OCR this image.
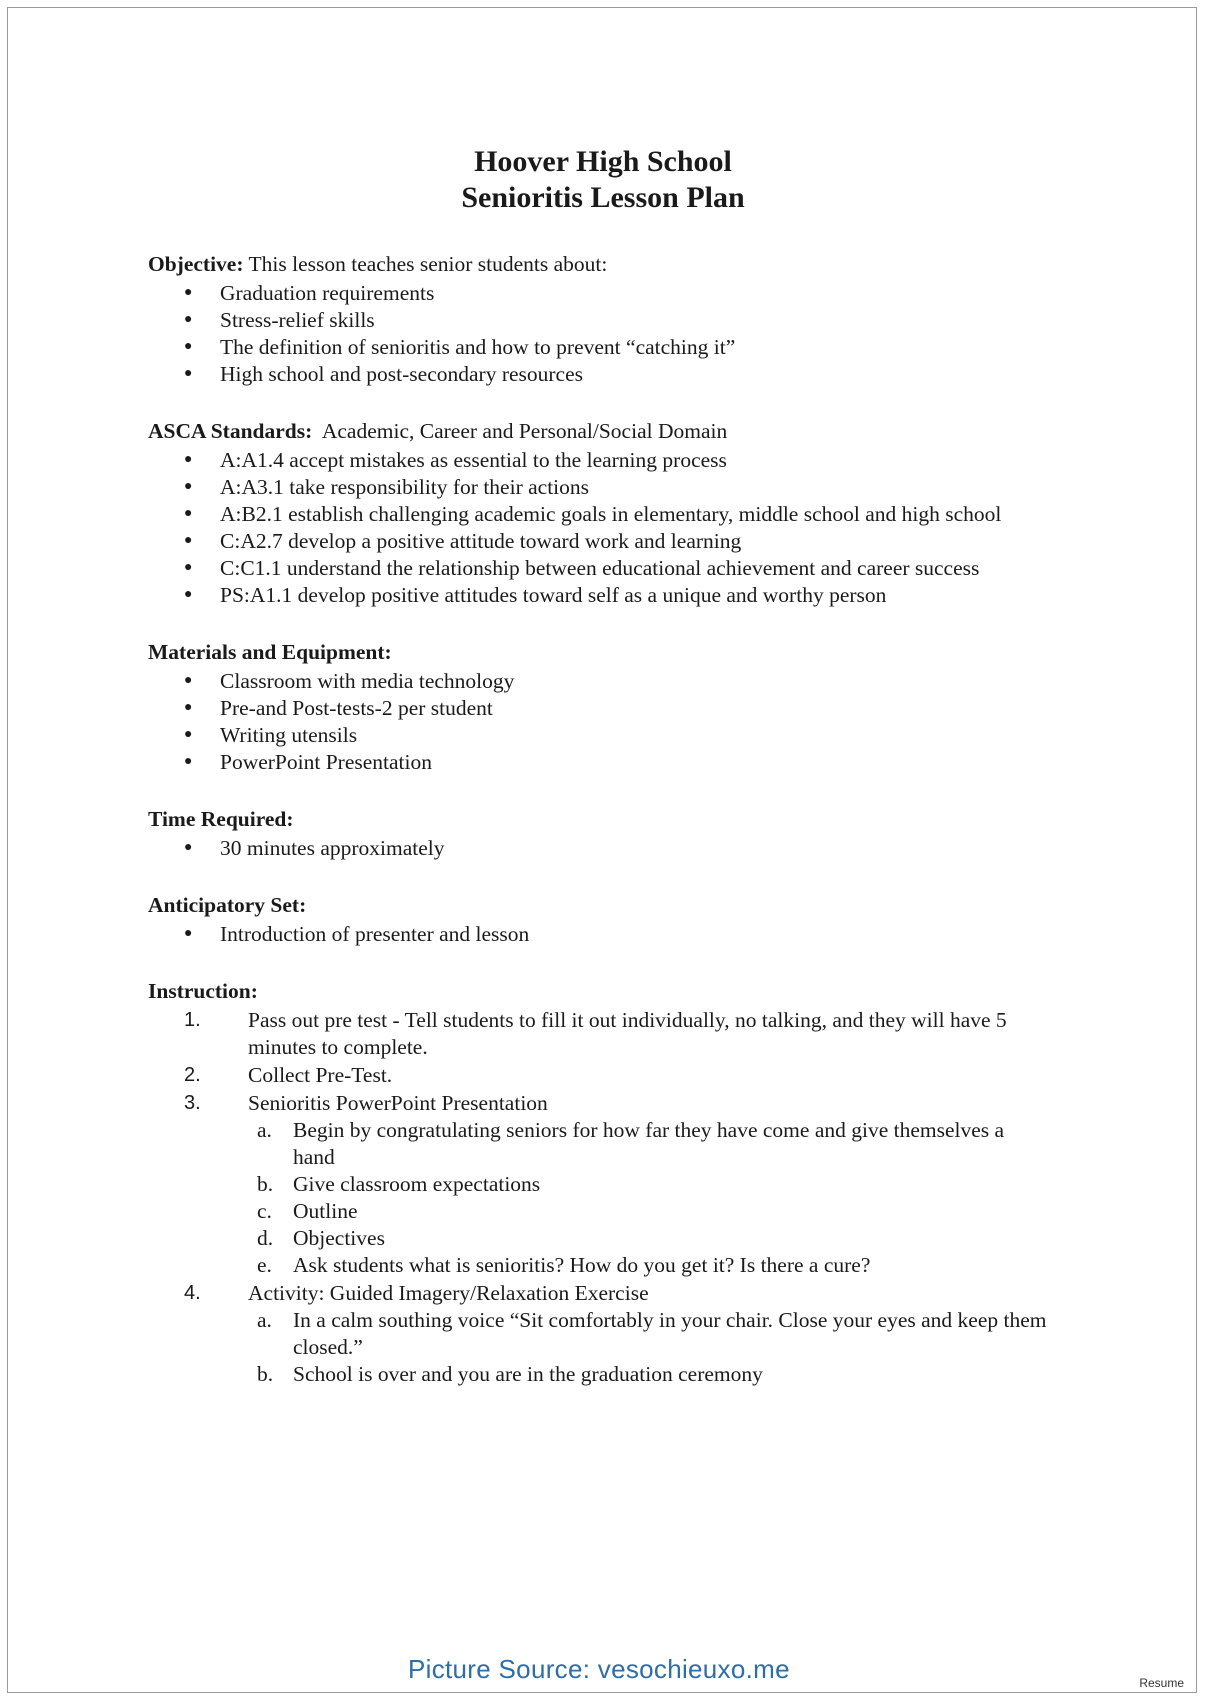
Hoover High School
Senioritis Lesson Plan

Objective: This lesson teaches senior students about:

● Graduation requirements
● Stress-relief skills
● The definition of senioritis and how to prevent “catching it”
● High school and post-secondary resources

ASCA Standards:  Academic, Career and Personal/Social Domain

● A:A1.4 accept mistakes as essential to the learning process
● A:A3.1 take responsibility for their actions
● A:B2.1 establish challenging academic goals in elementary, middle school and high school
● C:A2.7 develop a positive attitude toward work and learning
● C:C1.1 understand the relationship between educational achievement and career success
● PS:A1.1 develop positive attitudes toward self as a unique and worthy person

Materials and Equipment:

● Classroom with media technology
● Pre-and Post-tests-2 per student
● Writing utensils
● PowerPoint Presentation

Time Required:

● 30 minutes approximately

Anticipatory Set:

● Introduction of presenter and lesson

Instruction:

1. Pass out pre test - Tell students to fill it out individually, no talking, and they will have 5 minutes to complete.
2. Collect Pre-Test.
3. Senioritis PowerPoint Presentation
a. Begin by congratulating seniors for how far they have come and give themselves a hand
b. Give classroom expectations
c. Outline
d. Objectives
e. Ask students what is senioritis? How do you get it? Is there a cure?
4. Activity: Guided Imagery/Relaxation Exercise
a. In a calm southing voice “Sit comfortably in your chair. Close your eyes and keep them closed.”
b. School is over and you are in the graduation ceremony
Picture Source: vesochieuxo.me	Resume
